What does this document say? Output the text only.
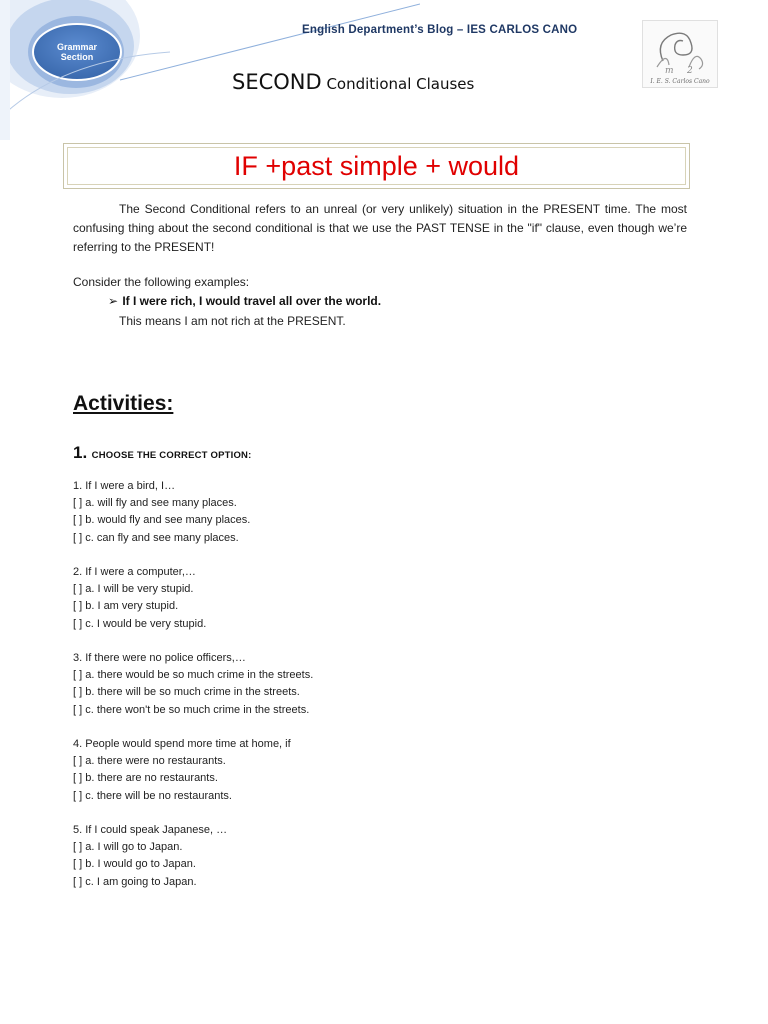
Grammar
Section
English Department’s Blog – IES CARLOS CANO
m 2
I. E. S. Carlos Cano
SECOND Conditional Clauses
IF +past simple + would
The Second Conditional refers to an unreal (or very unlikely) situation in the PRESENT time. The most confusing thing about the second conditional is that we use the PAST TENSE in the "if" clause, even though we’re referring to the PRESENT!
Consider the following examples:
➢ If I were rich, I would travel all over the world.
This means I am not rich at the PRESENT.
Activities:
1. CHOOSE THE CORRECT OPTION:
1. If I were a bird, I…
[ ] a. will fly and see many places.
[ ] b. would fly and see many places.
[ ] c. can fly and see many places.
2. If I were a computer,…
[ ] a. I will be very stupid.
[ ] b. I am very stupid.
[ ] c. I would be very stupid.
3. If there were no police officers,…
[ ] a. there would be so much crime in the streets.
[ ] b. there will be so much crime in the streets.
[ ] c. there won't be so much crime in the streets.
4. People would spend more time at home, if
[ ] a. there were no restaurants.
[ ] b. there are no restaurants.
[ ] c. there will be no restaurants.
5. If I could speak Japanese, …
[ ] a. I will go to Japan.
[ ] b. I would go to Japan.
[ ] c. I am going to Japan.
